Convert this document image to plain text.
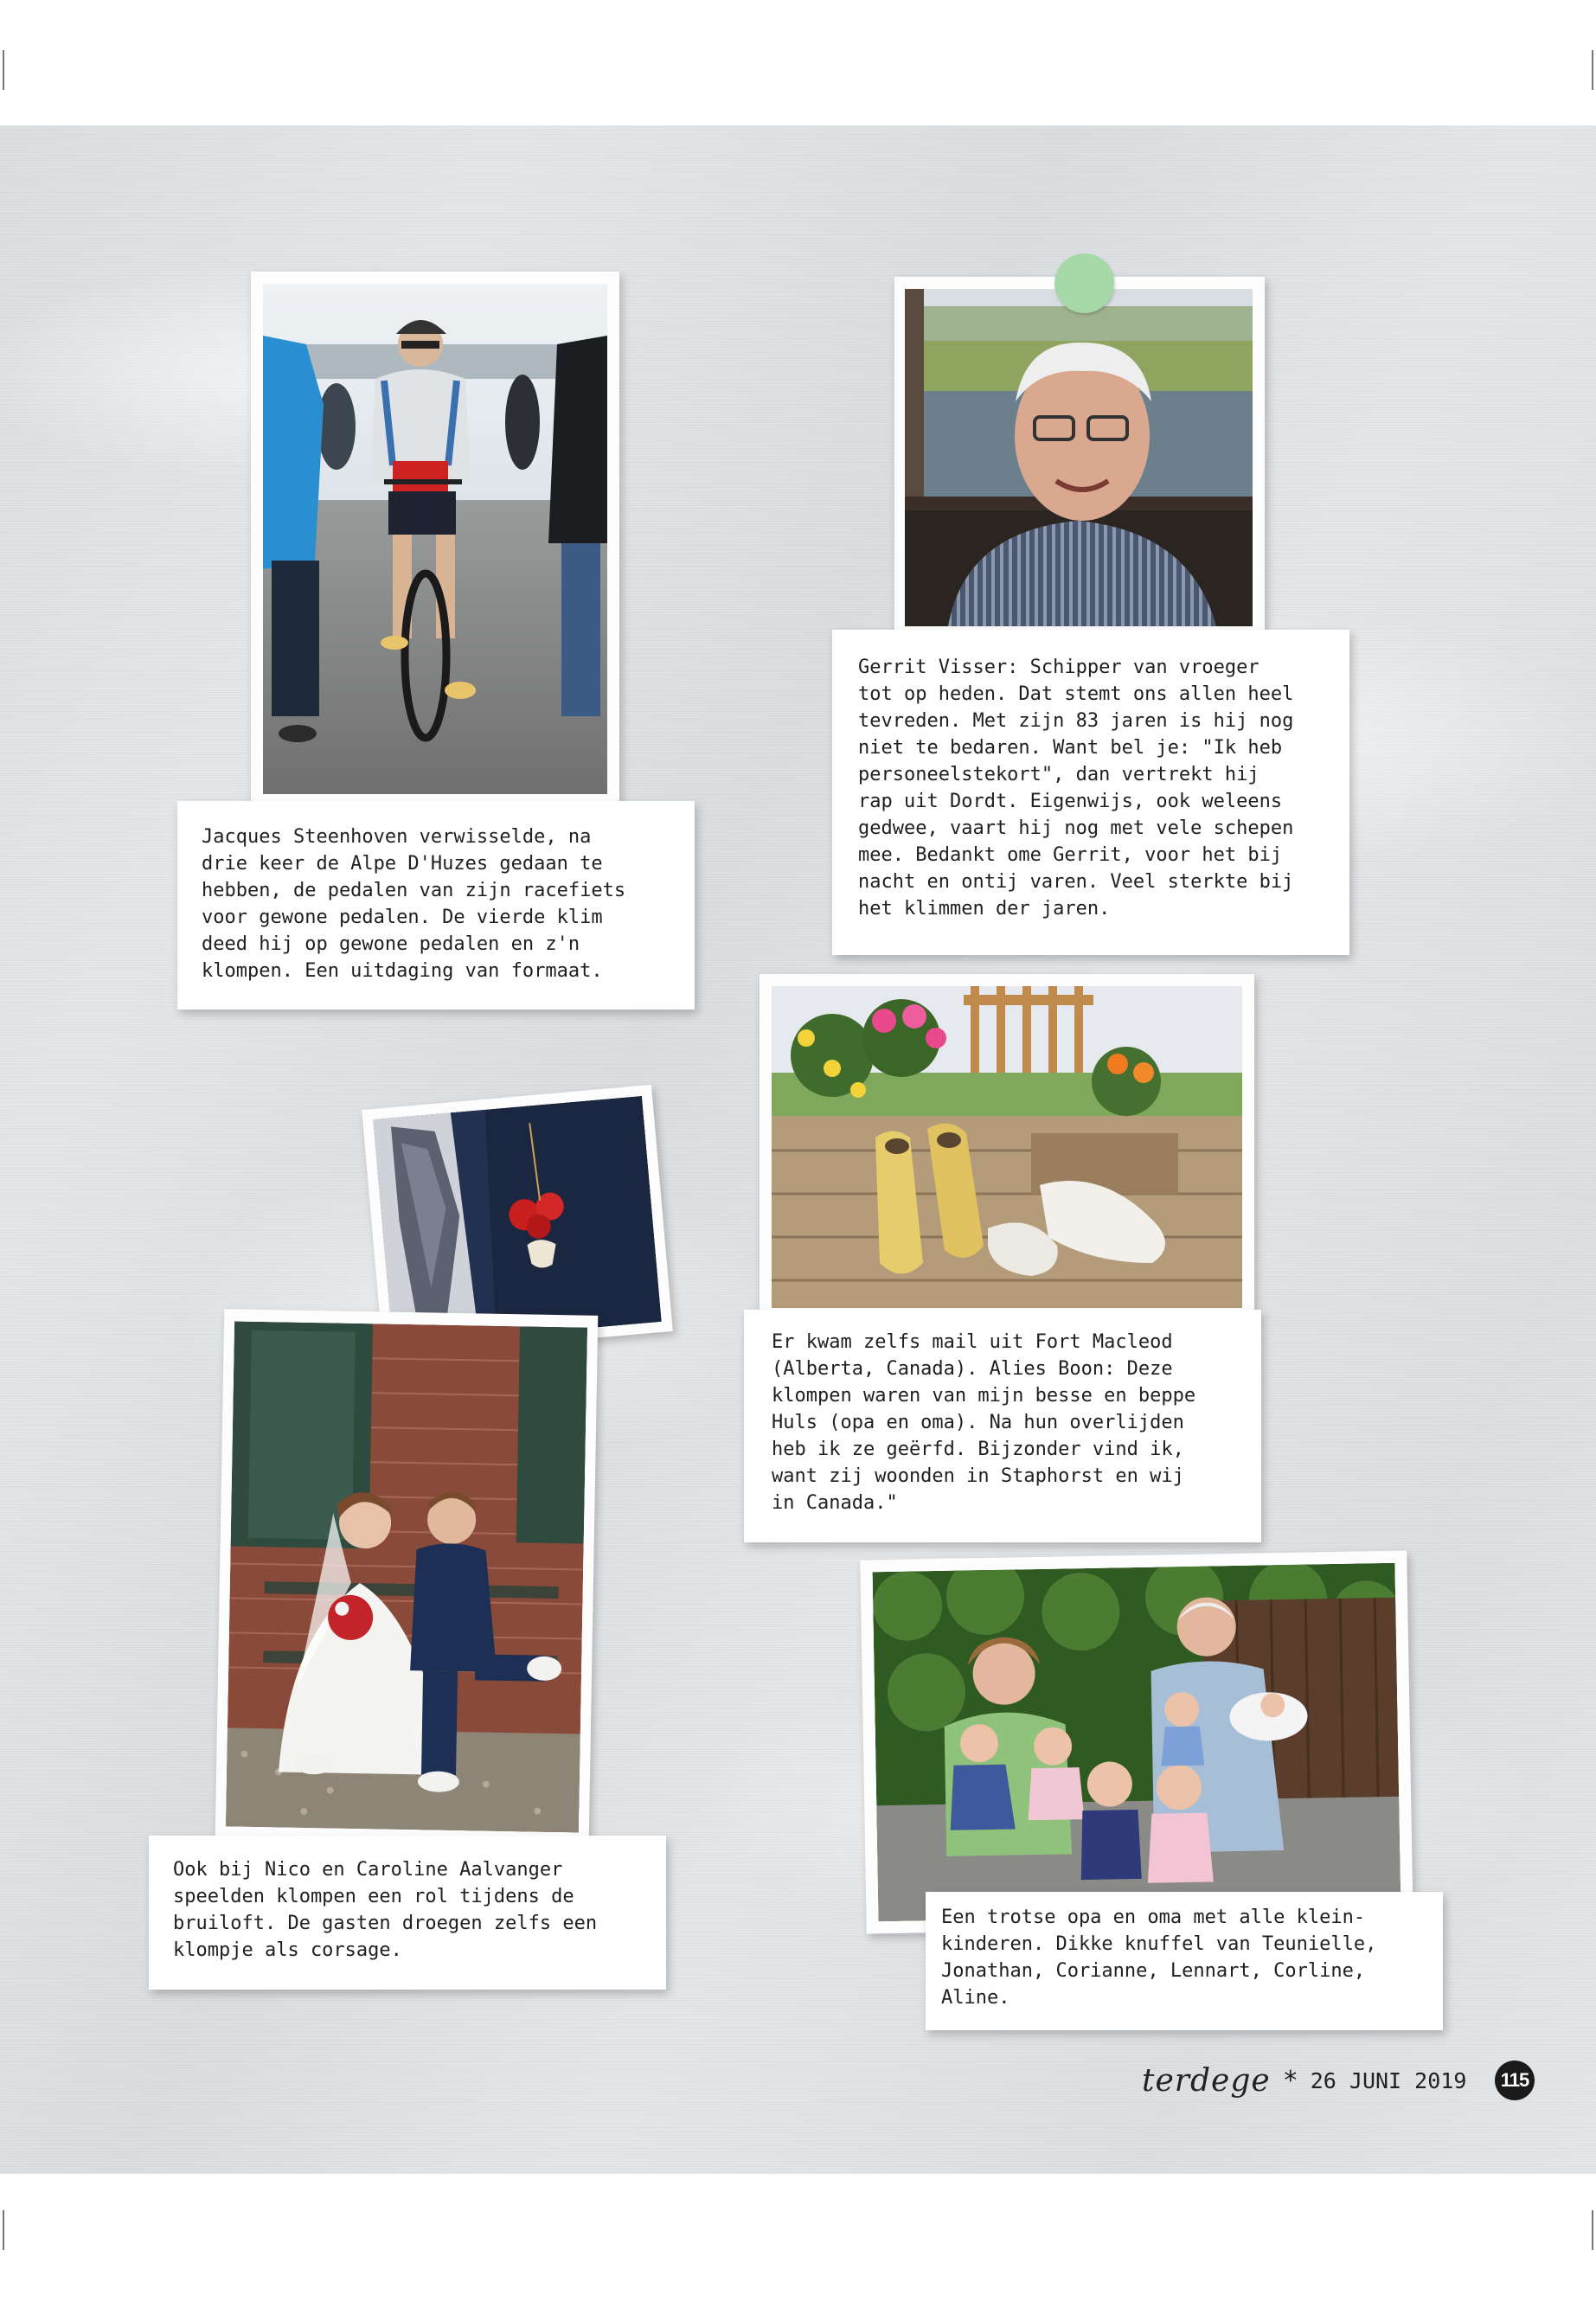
Jacques Steenhoven verwisselde, na
drie keer de Alpe D'Huzes gedaan te
hebben, de pedalen van zijn racefiets
voor gewone pedalen. De vierde klim
deed hij op gewone pedalen en z'n
klompen. Een uitdaging van formaat.

Gerrit Visser: Schipper van vroeger
tot op heden. Dat stemt ons allen heel
tevreden. Met zijn 83 jaren is hij nog
niet te bedaren. Want bel je: "Ik heb
personeelstekort", dan vertrekt hij
rap uit Dordt. Eigenwijs, ook weleens
gedwee, vaart hij nog met vele schepen
mee. Bedankt ome Gerrit, voor het bij
nacht en ontij varen. Veel sterkte bij
het klimmen der jaren.

Er kwam zelfs mail uit Fort Macleod
(Alberta, Canada). Alies Boon: Deze
klompen waren van mijn besse en beppe
Huls (opa en oma). Na hun overlijden
heb ik ze geërfd. Bijzonder vind ik,
want zij woonden in Staphorst en wij
in Canada."

Ook bij Nico en Caroline Aalvanger
speelden klompen een rol tijdens de
bruiloft. De gasten droegen zelfs een
klompje als corsage.

Een trotse opa en oma met alle klein-
kinderen. Dikke knuffel van Teunielle,
Jonathan, Corianne, Lennart, Corline,
Aline.

terdege * 26 JUNI 2019	115
